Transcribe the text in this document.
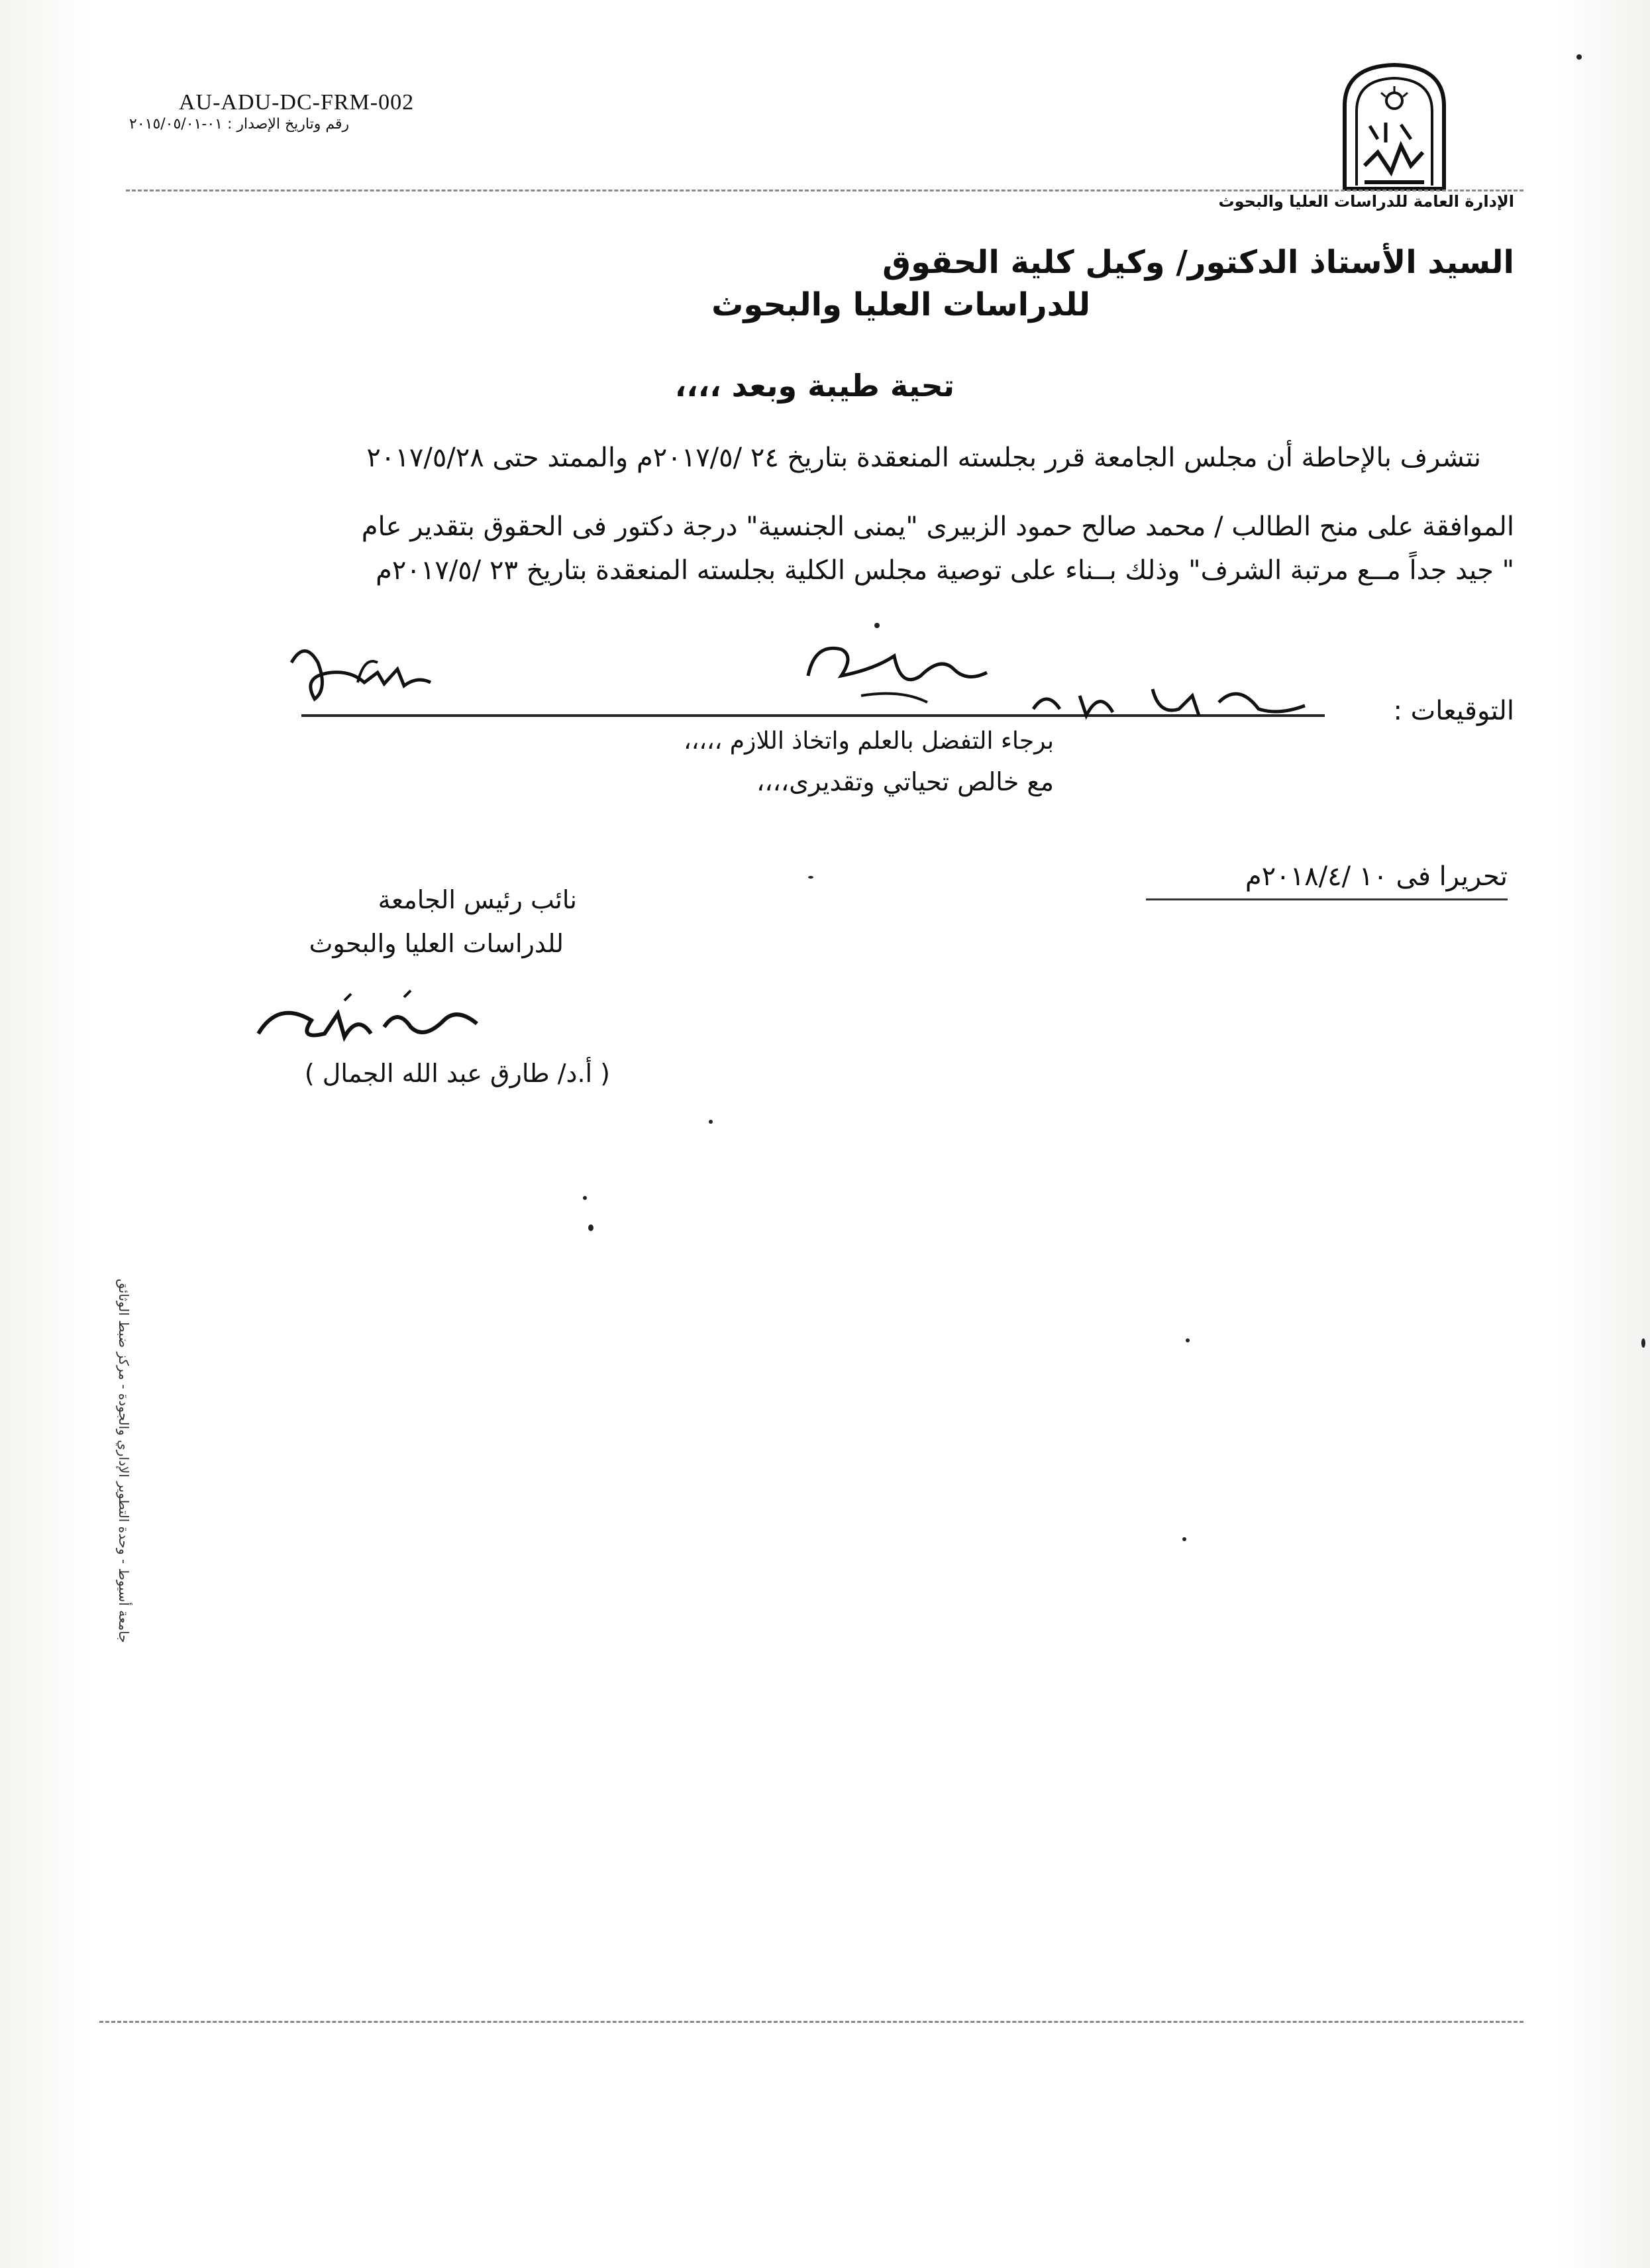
الإدارة العامة للدراسات العليا والبحوث
AU-ADU-DC-FRM-002
رقم وتاريخ الإصدار : ٠١-٢٠١٥/٠٥/٠١
السيد الأستاذ الدكتور/ وكيل كلية الحقوق
للدراسات العليا والبحوث
تحية طيبة وبعد ،،،،
نتشرف بالإحاطة أن مجلس الجامعة قرر بجلسته المنعقدة بتاريخ ٢٤ /٢٠١٧/٥م والممتد حتى ٢٠١٧/٥/٢٨
الموافقة على منح الطالب / محمد صالح حمود الزبيرى "يمنى الجنسية" درجة دكتور فى الحقوق بتقدير عام
" جيد جداً مــع مرتبة الشرف" وذلك بــناء على توصية مجلس الكلية بجلسته المنعقدة بتاريخ ٢٣ /٢٠١٧/٥م
التوقيعات :
برجاء التفضل بالعلم واتخاذ اللازم ،،،،،
مع خالص تحياتي وتقديرى،،،،
تحريرا فى ١٠ /٢٠١٨/٤م
نائب رئيس الجامعة
للدراسات العليا والبحوث
( أ.د/ طارق عبد الله الجمال )
جامعة أسيوط - وحدة التطوير الإداري والجودة - مركز ضبط الوثائق
